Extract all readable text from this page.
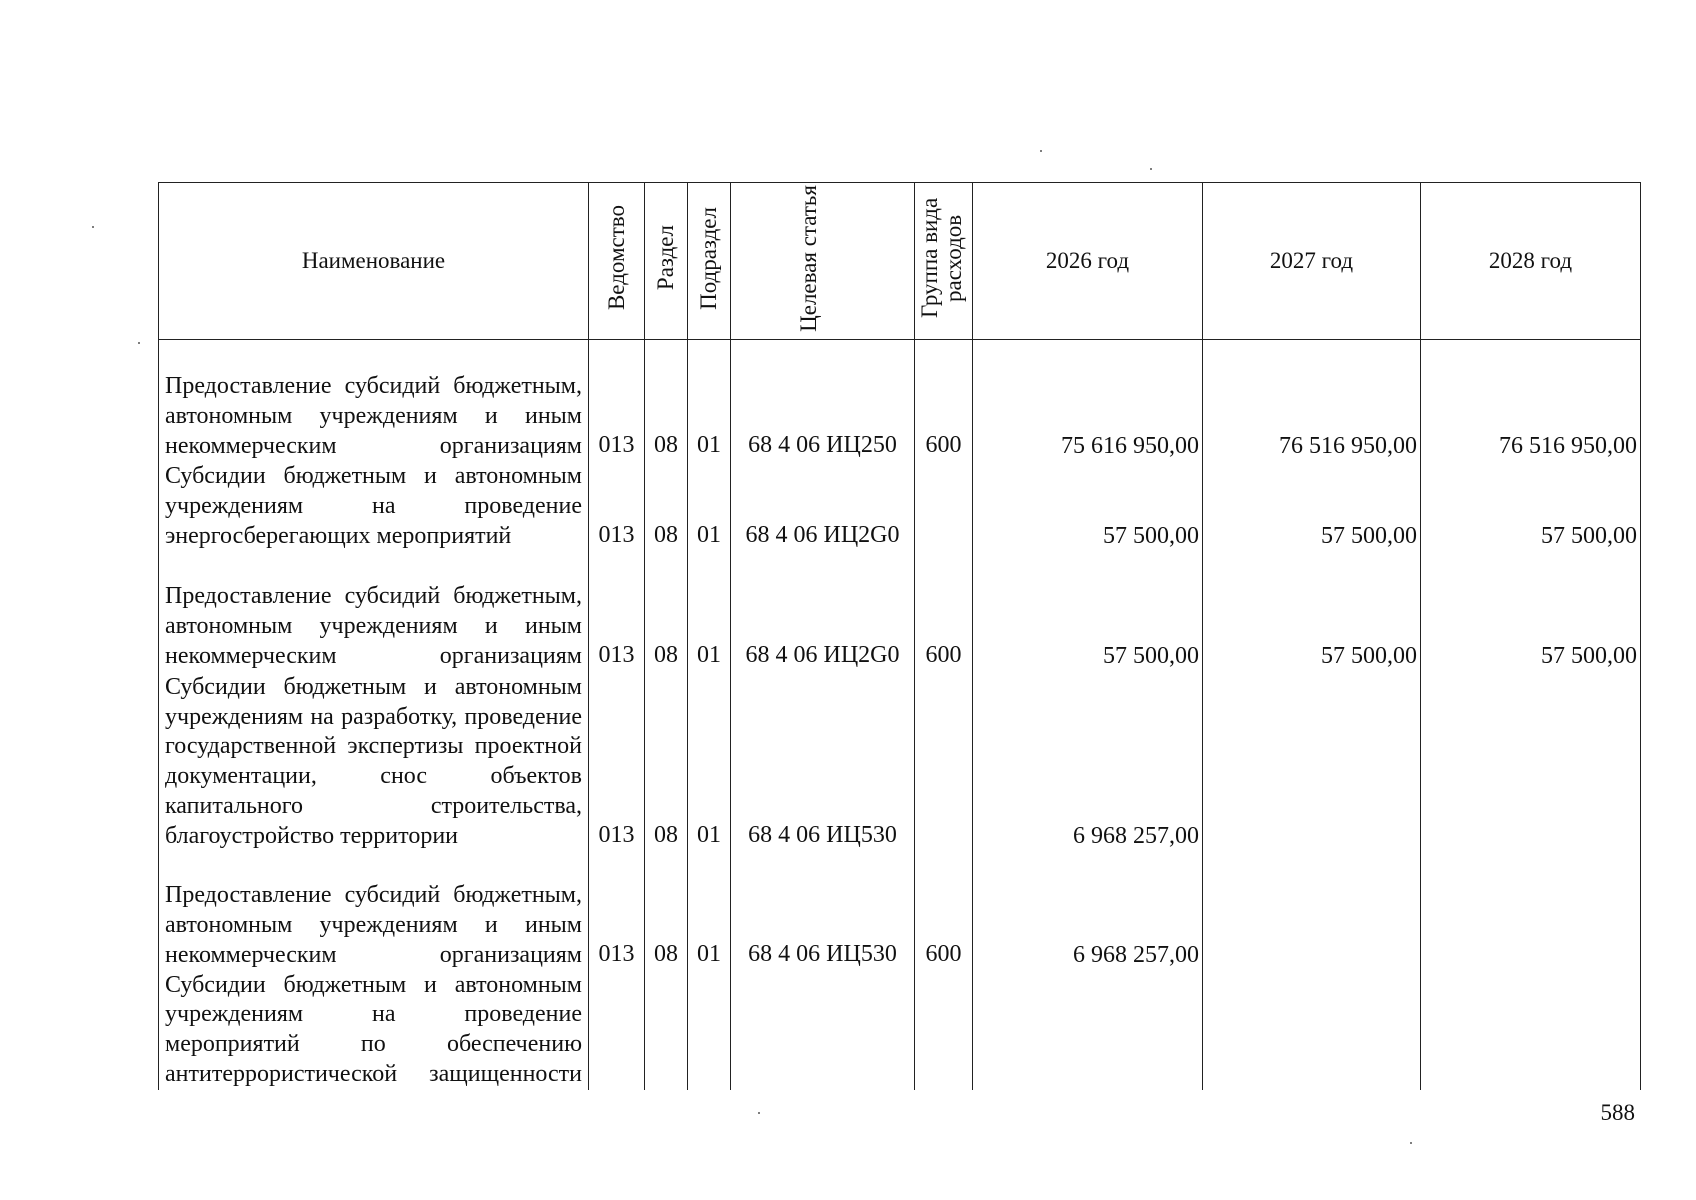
Наименование	Ведомство	Раздел	Подраздел	Целевая статья	Группа вида расходов	2026 год	2027 год	2028 год
Предоставление субсидий бюджетным, автономным учреждениям и иным некоммерческим организациям	013	08	01	68 4 06 ИЦ250	600	75 616 950,00	76 516 950,00	76 516 950,00
Субсидии бюджетным и автономным учреждениям на проведение энергосберегающих мероприятий	013	08	01	68 4 06 ИЦ2G0		57 500,00	57 500,00	57 500,00
Предоставление субсидий бюджетным, автономным учреждениям и иным некоммерческим организациям	013	08	01	68 4 06 ИЦ2G0	600	57 500,00	57 500,00	57 500,00
Субсидии бюджетным и автономным учреждениям на разработку, проведение государственной экспертизы проектной документации, снос объектов капитального строительства, благоустройство территории	013	08	01	68 4 06 ИЦ530		6 968 257,00		
Предоставление субсидий бюджетным, автономным учреждениям и иным некоммерческим организациям	013	08	01	68 4 06 ИЦ530	600	6 968 257,00		
Субсидии бюджетным и автономным учреждениям на проведение мероприятий по обеспечению антитеррористической защищенности								
588
